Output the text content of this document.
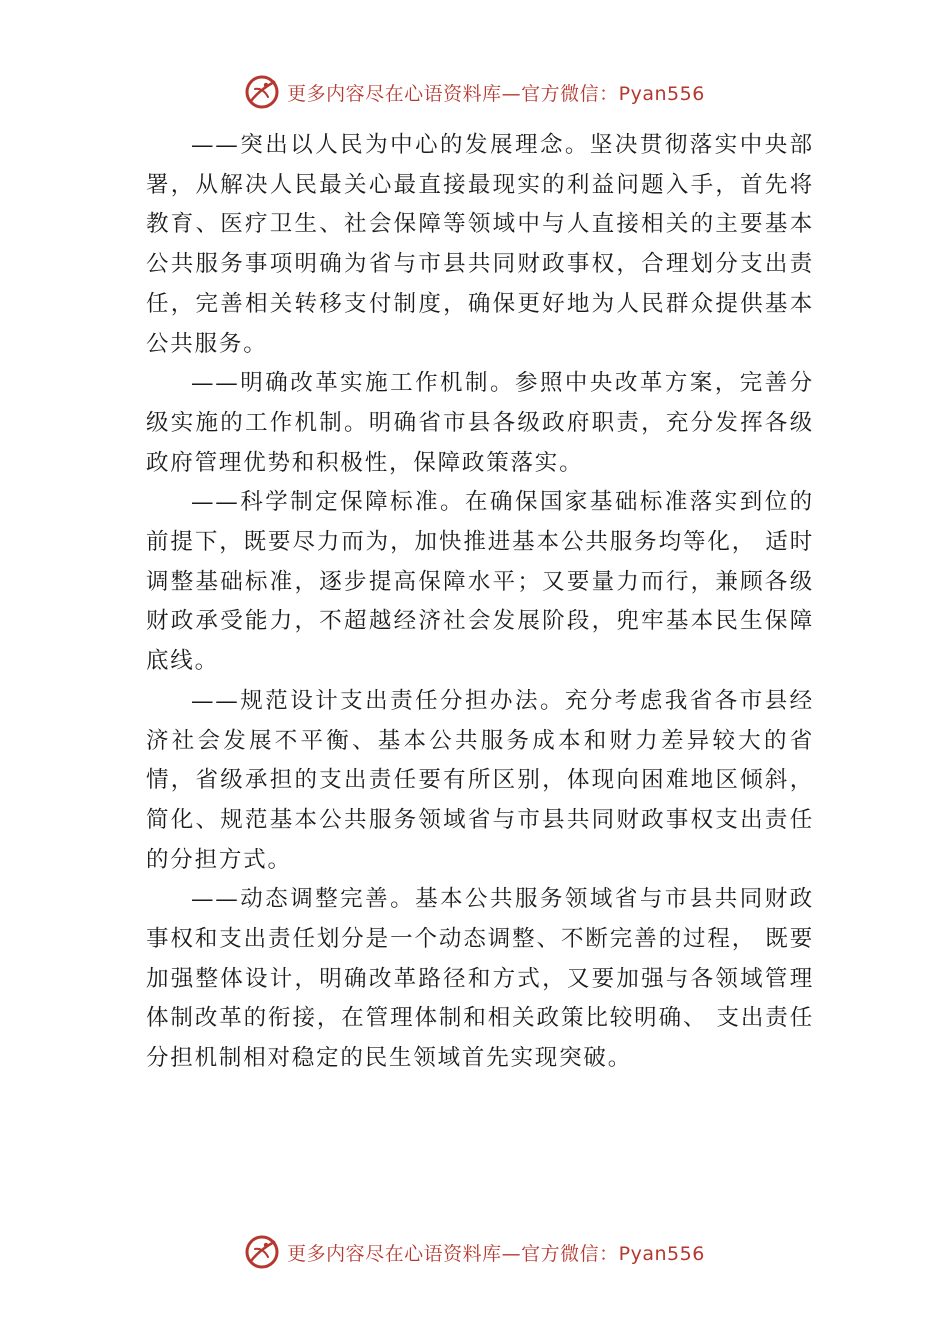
更多内容尽在心语资料库—官方微信：Pyan556

——突出以人民为中心的发展理念。坚决贯彻落实中央部署，从解决人民最关心最直接最现实的利益问题入手，首先将教育、医疗卫生、社会保障等领域中与人直接相关的主要基本公共服务事项明确为省与市县共同财政事权，合理划分支出责任，完善相关转移支付制度，确保更好地为人民群众提供基本公共服务。

——明确改革实施工作机制。参照中央改革方案，完善分级实施的工作机制。明确省市县各级政府职责，充分发挥各级政府管理优势和积极性，保障政策落实。

——科学制定保障标准。在确保国家基础标准落实到位的前提下，既要尽力而为，加快推进基本公共服务均等化， 适时调整基础标准，逐步提高保障水平；又要量力而行，兼顾各级财政承受能力，不超越经济社会发展阶段，兜牢基本民生保障底线。

——规范设计支出责任分担办法。充分考虑我省各市县经济社会发展不平衡、基本公共服务成本和财力差异较大的省情，省级承担的支出责任要有所区别，体现向困难地区倾斜，简化、规范基本公共服务领域省与市县共同财政事权支出责任的分担方式。

——动态调整完善。基本公共服务领域省与市县共同财政事权和支出责任划分是一个动态调整、不断完善的过程， 既要加强整体设计，明确改革路径和方式，又要加强与各领域管理体制改革的衔接，在管理体制和相关政策比较明确、 支出责任分担机制相对稳定的民生领域首先实现突破。

更多内容尽在心语资料库—官方微信：Pyan556
